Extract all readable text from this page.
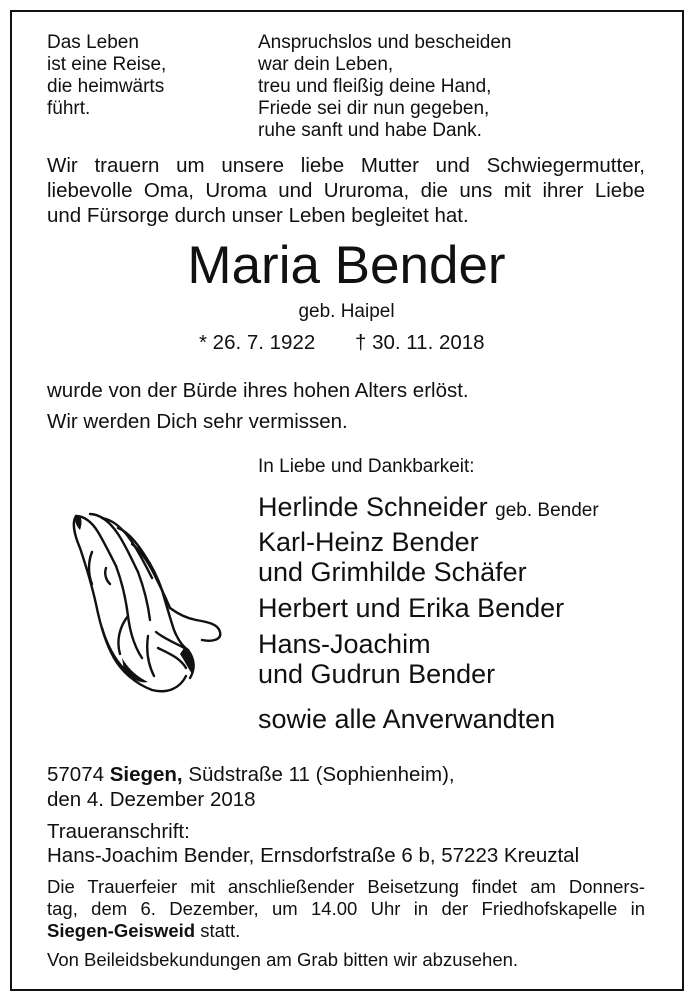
Das Leben
ist eine Reise,
die heimwärts
führt.
Anspruchslos und bescheiden
war dein Leben,
treu und fleißig deine Hand,
Friede sei dir nun gegeben,
ruhe sanft und habe Dank.
Wir trauern um unsere liebe Mutter und Schwiegermutter,
liebevolle Oma, Uroma und Ururoma, die uns mit ihrer Liebe
und Fürsorge durch unser Leben begleitet hat.
Maria Bender
geb. Haipel
* 26. 7. 1922 † 30. 11. 2018
wurde von der Bürde ihres hohen Alters erlöst.
Wir werden Dich sehr vermissen.
In Liebe und Dankbarkeit:
Herlinde Schneider geb. Bender
Karl-Heinz Bender
und Grimhilde Schäfer
Herbert und Erika Bender
Hans-Joachim
und Gudrun Bender
sowie alle Anverwandten
57074 Siegen, Südstraße 11 (Sophienheim),
den 4. Dezember 2018
Traueranschrift:
Hans-Joachim Bender, Ernsdorfstraße 6 b, 57223 Kreuztal
Die Trauerfeier mit anschließender Beisetzung findet am Donners-
tag, dem 6. Dezember, um 14.00 Uhr in der Friedhofskapelle in
Siegen-Geisweid statt.
Von Beileidsbekundungen am Grab bitten wir abzusehen.
